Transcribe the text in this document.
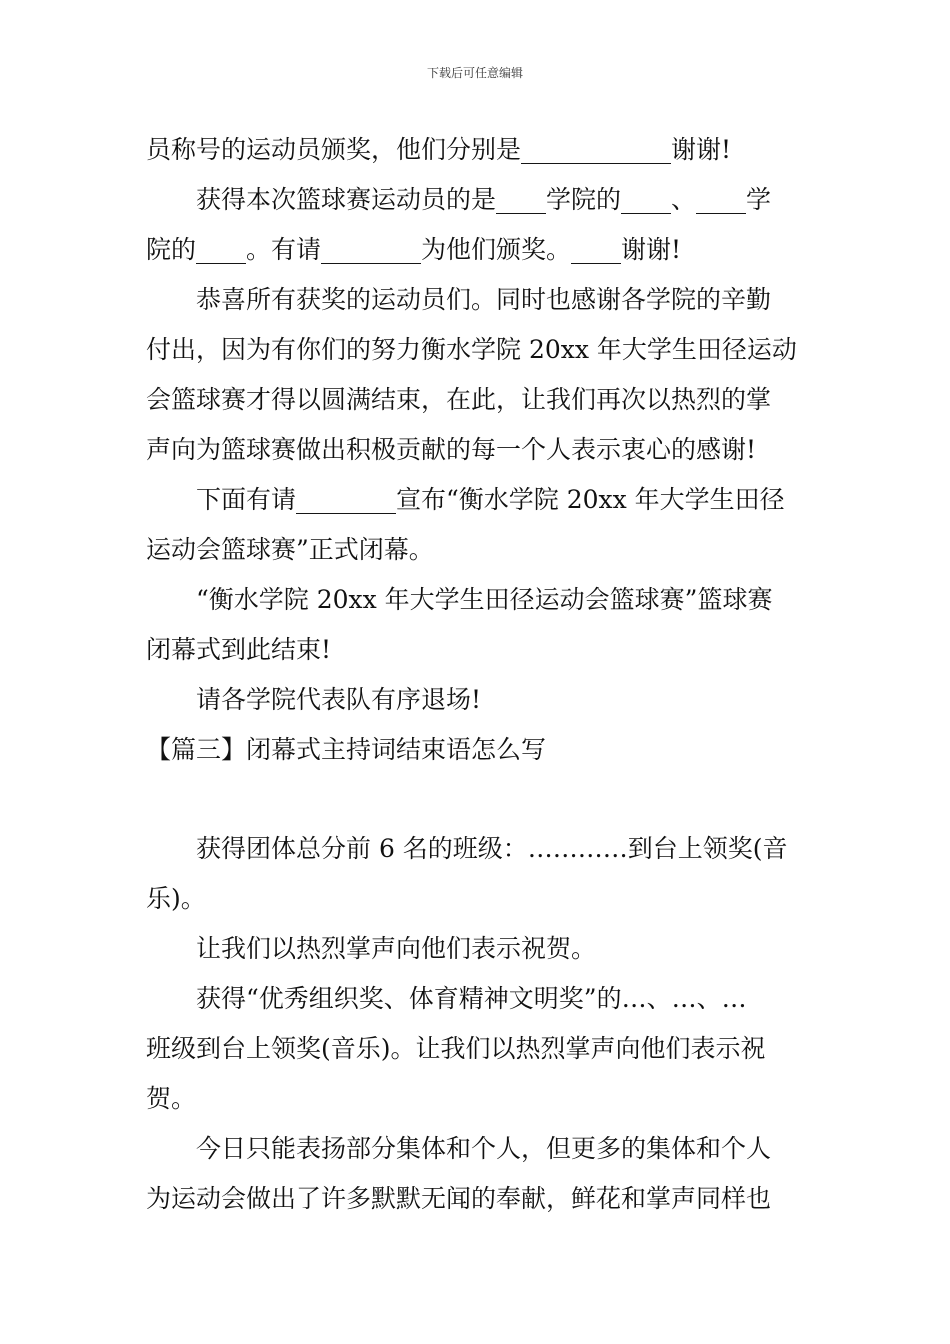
下载后可任意编辑
员称号的运动员颁奖，他们分别是____________谢谢!
获得本次篮球赛运动员的是____学院的____、____学
院的____。有请________为他们颁奖。____谢谢!
恭喜所有获奖的运动员们。同时也感谢各学院的辛勤
付出，因为有你们的努力衡水学院 20xx 年大学生田径运动
会篮球赛才得以圆满结束，在此，让我们再次以热烈的掌
声向为篮球赛做出积极贡献的每一个人表示衷心的感谢!
下面有请________宣布“衡水学院 20xx 年大学生田径
运动会篮球赛”正式闭幕。
“衡水学院 20xx 年大学生田径运动会篮球赛”篮球赛
闭幕式到此结束!
请各学院代表队有序退场!
【篇三】闭幕式主持词结束语怎么写
获得团体总分前 6 名的班级：…………到台上领奖(音
乐)。
让我们以热烈掌声向他们表示祝贺。
获得“优秀组织奖、体育精神文明奖”的…、…、…
班级到台上领奖(音乐)。让我们以热烈掌声向他们表示祝
贺。
今日只能表扬部分集体和个人，但更多的集体和个人
为运动会做出了许多默默无闻的奉献，鲜花和掌声同样也
